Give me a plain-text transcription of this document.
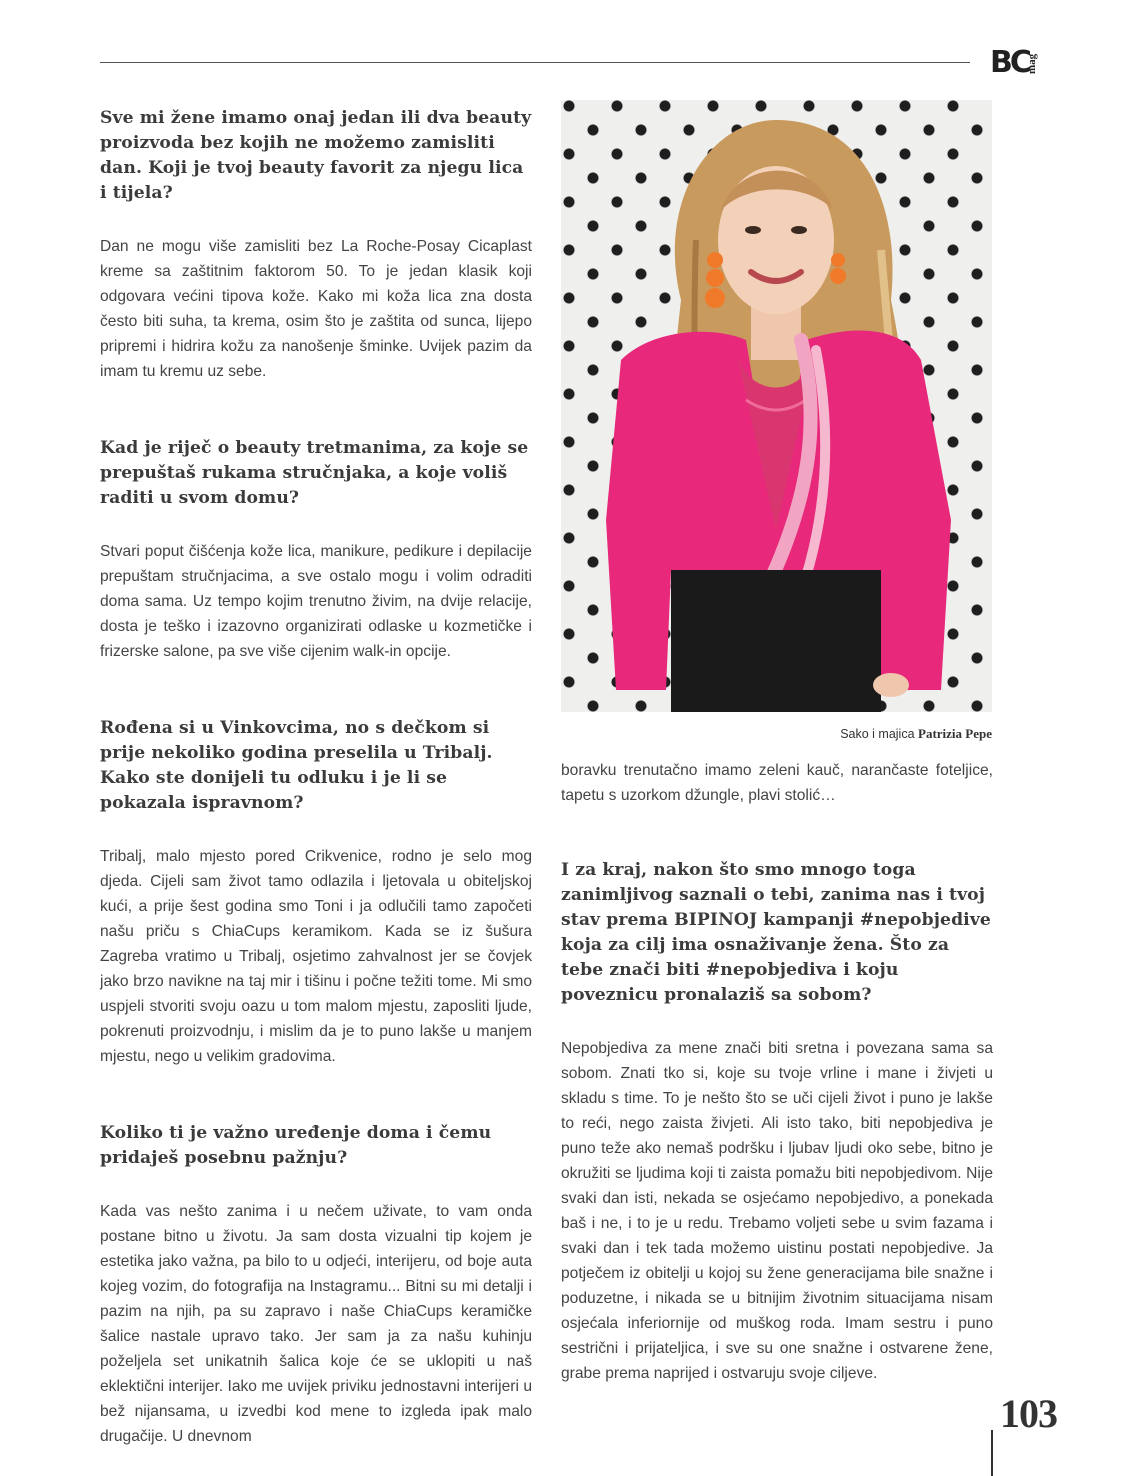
BC
mag
Sve mi žene imamo onaj jedan ili dva beauty proizvoda bez kojih ne možemo zamisliti dan. Koji je tvoj beauty favorit za njegu lica i tijela?

Dan ne mogu više zamisliti bez La Roche-Posay Cicaplast kreme sa zaštitnim faktorom 50. To je jedan klasik koji odgovara većini tipova kože. Kako mi koža lica zna dosta često biti suha, ta krema, osim što je zaštita od sunca, lijepo pripremi i hidrira kožu za nanošenje šminke. Uvijek pazim da imam tu kremu uz sebe.

Kad je riječ o beauty tretmanima, za koje se prepuštaš rukama stručnjaka, a koje voliš raditi u svom domu?

Stvari poput čišćenja kože lica, manikure, pedikure i depilacije prepuštam stručnjacima, a sve ostalo mogu i volim odraditi doma sama. Uz tempo kojim trenutno živim, na dvije relacije, dosta je teško i izazovno organizirati odlaske u kozmetičke i frizerske salone, pa sve više cijenim walk-in opcije.

Rođena si u Vinkovcima, no s dečkom si prije nekoliko godina preselila u Tribalj. Kako ste donijeli tu odluku i je li se pokazala ispravnom?

Tribalj, malo mjesto pored Crikvenice, rodno je selo mog djeda. Cijeli sam život tamo odlazila i ljetovala u obiteljskoj kući, a prije šest godina smo Toni i ja odlučili tamo započeti našu priču s ChiaCups keramikom. Kada se iz šušura Zagreba vratimo u Tribalj, osjetimo zahvalnost jer se čovjek jako brzo navikne na taj mir i tišinu i počne težiti tome. Mi smo uspjeli stvoriti svoju oazu u tom malom mjestu, zaposliti ljude, pokrenuti proizvodnju, i mislim da je to puno lakše u manjem mjestu, nego u velikim gradovima.

Koliko ti je važno uređenje doma i čemu pridaješ posebnu pažnju?

Kada vas nešto zanima i u nečem uživate, to vam onda postane bitno u životu. Ja sam dosta vizualni tip kojem je estetika jako važna, pa bilo to u odjeći, interijeru, od boje auta kojeg vozim, do fotografija na Instagramu... Bitni su mi detalji i pazim na njih, pa su zapravo i naše ChiaCups keramičke šalice nastale upravo tako. Jer sam ja za našu kuhinju poželjela set unikatnih šalica koje će se uklopiti u naš eklektični interijer. Iako me uvijek priviku jednostavni interijeri u bež nijansama, u izvedbi kod mene to izgleda ipak malo drugačije. U dnevnom

Sako i majica Patrizia Pepe

boravku trenutačno imamo zeleni kauč, narančaste foteljice, tapetu s uzorkom džungle, plavi stolić…

I za kraj, nakon što smo mnogo toga zanimljivog saznali o tebi, zanima nas i tvoj stav prema BIPINOJ kampanji #nepobjedive koja za cilj ima osnaživanje žena. Što za tebe znači biti #nepobjediva i koju poveznicu pronalaziš sa sobom?

Nepobjediva za mene znači biti sretna i povezana sama sa sobom. Znati tko si, koje su tvoje vrline i mane i živjeti u skladu s time. To je nešto što se uči cijeli život i puno je lakše to reći, nego zaista živjeti. Ali isto tako, biti nepobjediva je puno teže ako nemaš podršku i ljubav ljudi oko sebe, bitno je okružiti se ljudima koji ti zaista pomažu biti nepobjedivom. Nije svaki dan isti, nekada se osjećamo nepobjedivo, a ponekada baš i ne, i to je u redu. Trebamo voljeti sebe u svim fazama i svaki dan i tek tada možemo uistinu postati nepobjedive. Ja potječem iz obitelji u kojoj su žene generacijama bile snažne i poduzetne, i nikada se u bitnijim životnim situacijama nisam osjećala inferiornije od muškog roda. Imam sestru i puno sestrični i prijateljica, i sve su one snažne i ostvarene žene, grabe prema naprijed i ostvaruju svoje ciljeve.

103
